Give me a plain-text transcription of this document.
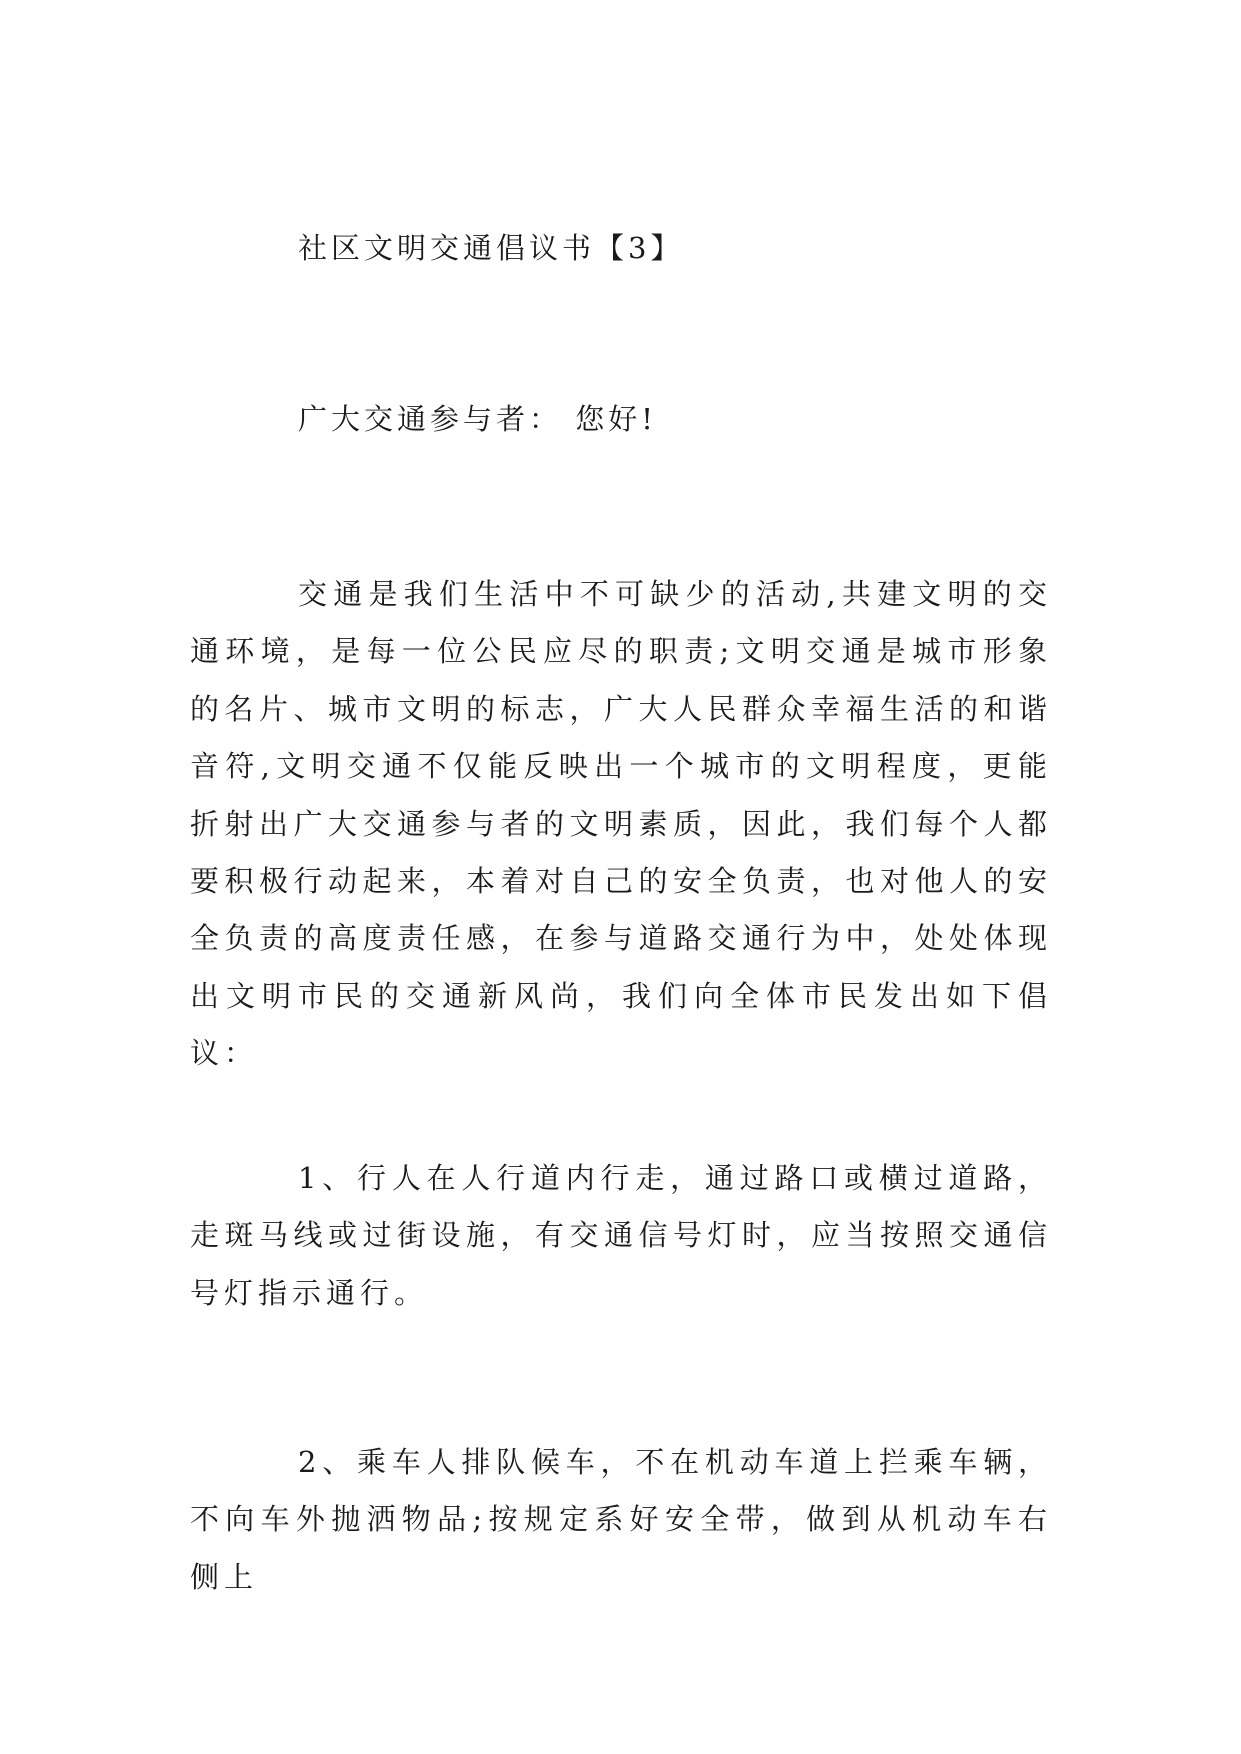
社区文明交通倡议书【3】
广大交通参与者： 您好!

交通是我们生活中不可缺少的活动,共建文明的交通环境，是每一位公民应尽的职责;文明交通是城市形象的名片、城市文明的标志，广大人民群众幸福生活的和谐音符,文明交通不仅能反映出一个城市的文明程度，更能折射出广大交通参与者的文明素质，因此，我们每个人都要积极行动起来，本着对自己的安全负责，也对他人的安全负责的高度责任感，在参与道路交通行为中，处处体现出文明市民的交通新风尚，我们向全体市民发出如下倡议：

1、行人在人行道内行走，通过路口或横过道路，走斑马线或过街设施，有交通信号灯时，应当按照交通信号灯指示通行。

2、乘车人排队候车，不在机动车道上拦乘车辆，不向车外抛洒物品;按规定系好安全带，做到从机动车右侧上
